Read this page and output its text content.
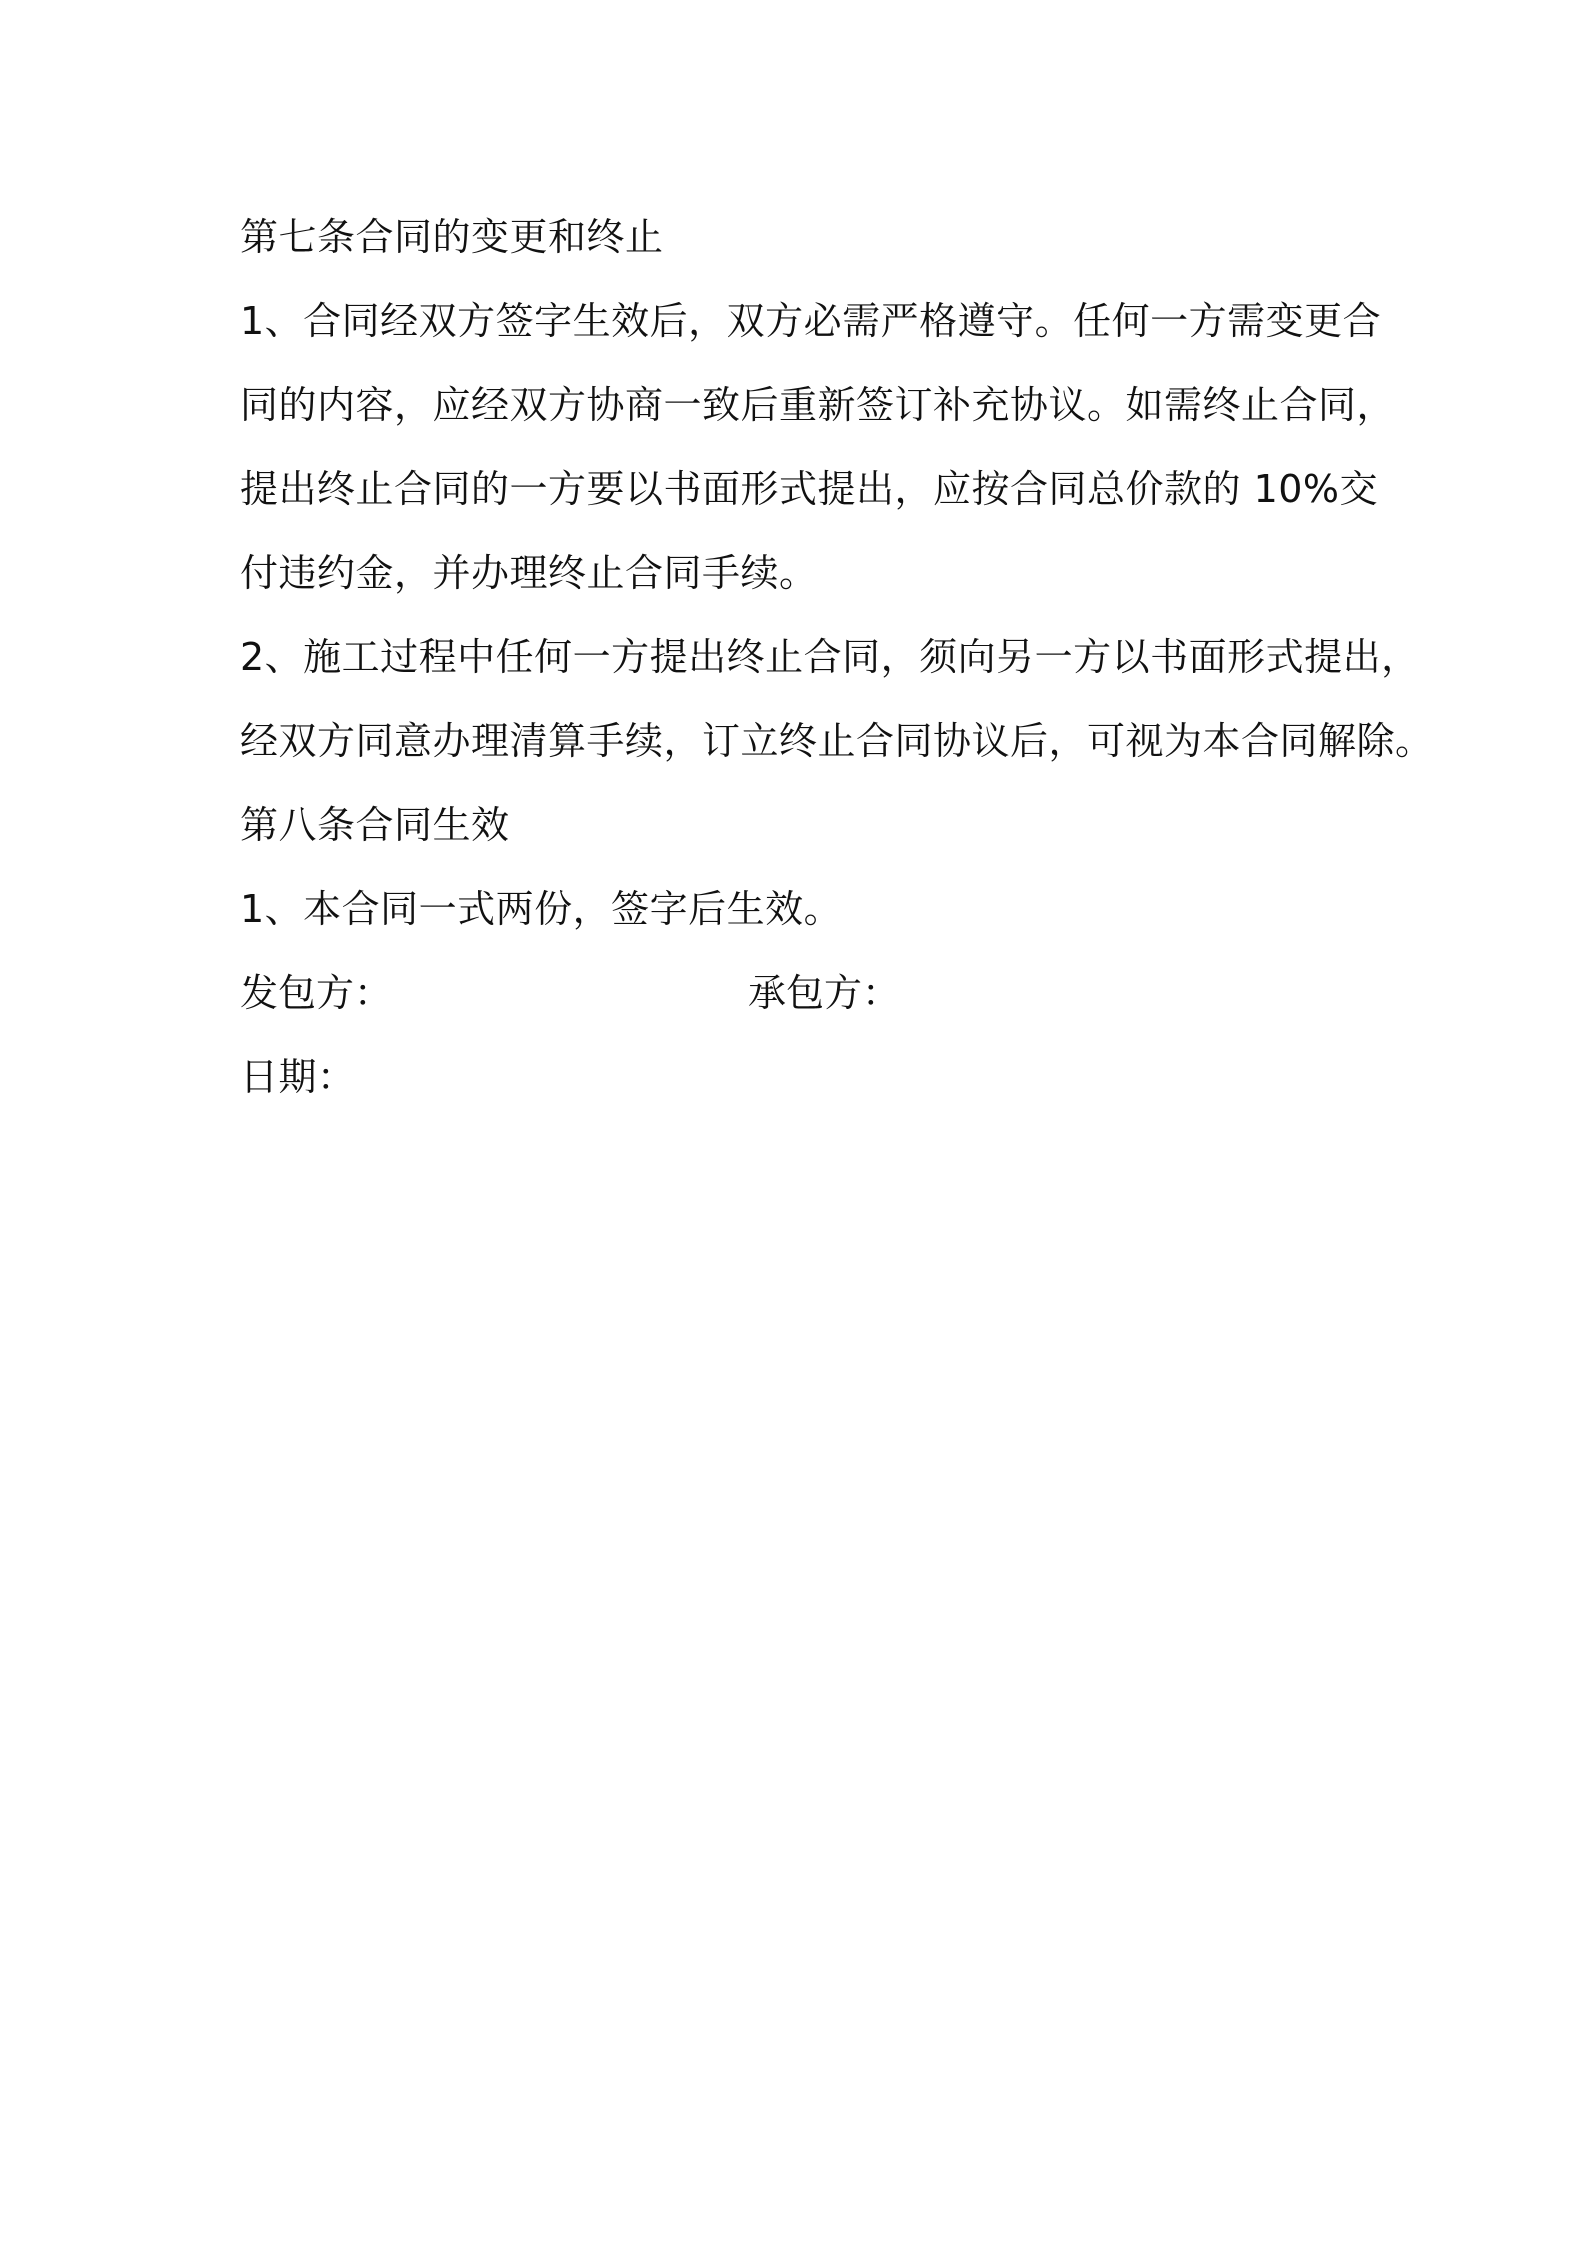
第七条合同的变更和终止
1、合同经双方签字生效后，双方必需严格遵守。任何一方需变更合
同的内容，应经双方协商一致后重新签订补充协议。如需终止合同，
提出终止合同的一方要以书面形式提出，应按合同总价款的 10%交
付违约金，并办理终止合同手续。
2、施工过程中任何一方提出终止合同，须向另一方以书面形式提出，
经双方同意办理清算手续，订立终止合同协议后，可视为本合同解除。
第八条合同生效
1、本合同一式两份，签字后生效。
发包方：	承包方：
日期：
